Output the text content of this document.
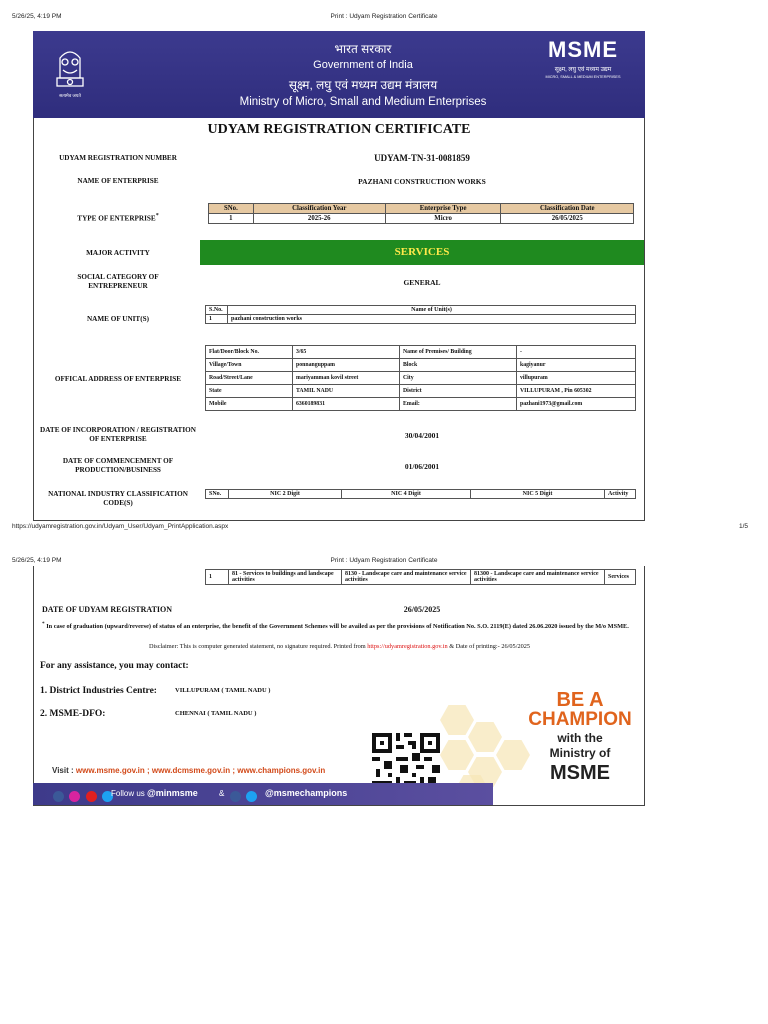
5/26/25, 4:19 PM	Print : Udyam Registration Certificate
सत्यमेव जयते
भारत सरकार
Government of India
सूक्ष्म, लघु एवं मध्यम उद्यम मंत्रालय
Ministry of Micro, Small and Medium Enterprises
MSME
सूक्ष्म, लघु एवं मध्यम उद्यम
MICRO, SMALL & MEDIUM ENTERPRISES
UDYAM REGISTRATION CERTIFICATE
UDYAM REGISTRATION NUMBER	UDYAM-TN-31-0081859
NAME OF ENTERPRISE	PAZHANI CONSTRUCTION WORKS
TYPE OF ENTERPRISE*
SNo.	Classification Year	Enterprise Type	Classification Date
1	2025-26	Micro	26/05/2025
MAJOR ACTIVITY	SERVICES
SOCIAL CATEGORY OF ENTREPRENEUR	GENERAL
NAME OF UNIT(S)
S.No.	Name of Unit(s)
1	pazhani construction works
OFFICAL ADDRESS OF ENTERPRISE
Flat/Door/Block No.	3/65	Name of Premises/ Building	-
Village/Town	ponnanguppam	Block	kagiyanur
Road/Street/Lane	mariyamman kovil street	City	villupuram
State	TAMIL NADU	District	VILLUPURAM , Pin 605302
Mobile	6360189831	Email:	pazhani1973@gmail.com
DATE OF INCORPORATION / REGISTRATION OF ENTERPRISE	30/04/2001
DATE OF COMMENCEMENT OF PRODUCTION/BUSINESS	01/06/2001
NATIONAL INDUSTRY CLASSIFICATION CODE(S)
SNo.	NIC 2 Digit	NIC 4 Digit	NIC 5 Digit	Activity
https://udyamregistration.gov.in/Udyam_User/Udyam_PrintApplication.aspx	1/5
5/26/25, 4:19 PM	Print : Udyam Registration Certificate
1	81 - Services to buildings and landscape activities	8130 - Landscape care and maintenance service activities	81300 - Landscape care and maintenance service activities	Services
DATE OF UDYAM REGISTRATION	26/05/2025
* In case of graduation (upward/reverse) of status of an enterprise, the benefit of the Government Schemes will be availed as per the provisions of Notification No. S.O. 2119(E) dated 26.06.2020 issued by the M/o MSME.
Disclaimer: This is computer generated statement, no signature required. Printed from https://udyamregistration.gov.in & Date of printing:- 26/05/2025
For any assistance, you may contact:
1. District Industries Centre:	VILLUPURAM ( TAMIL NADU )
2. MSME-DFO:	CHENNAI ( TAMIL NADU )
BE A
CHAMPION
with the
Ministry of
MSME
Visit : www.msme.gov.in ; www.dcmsme.gov.in ; www.champions.gov.in

Follow us @minmsme	&
	@msmechampions
